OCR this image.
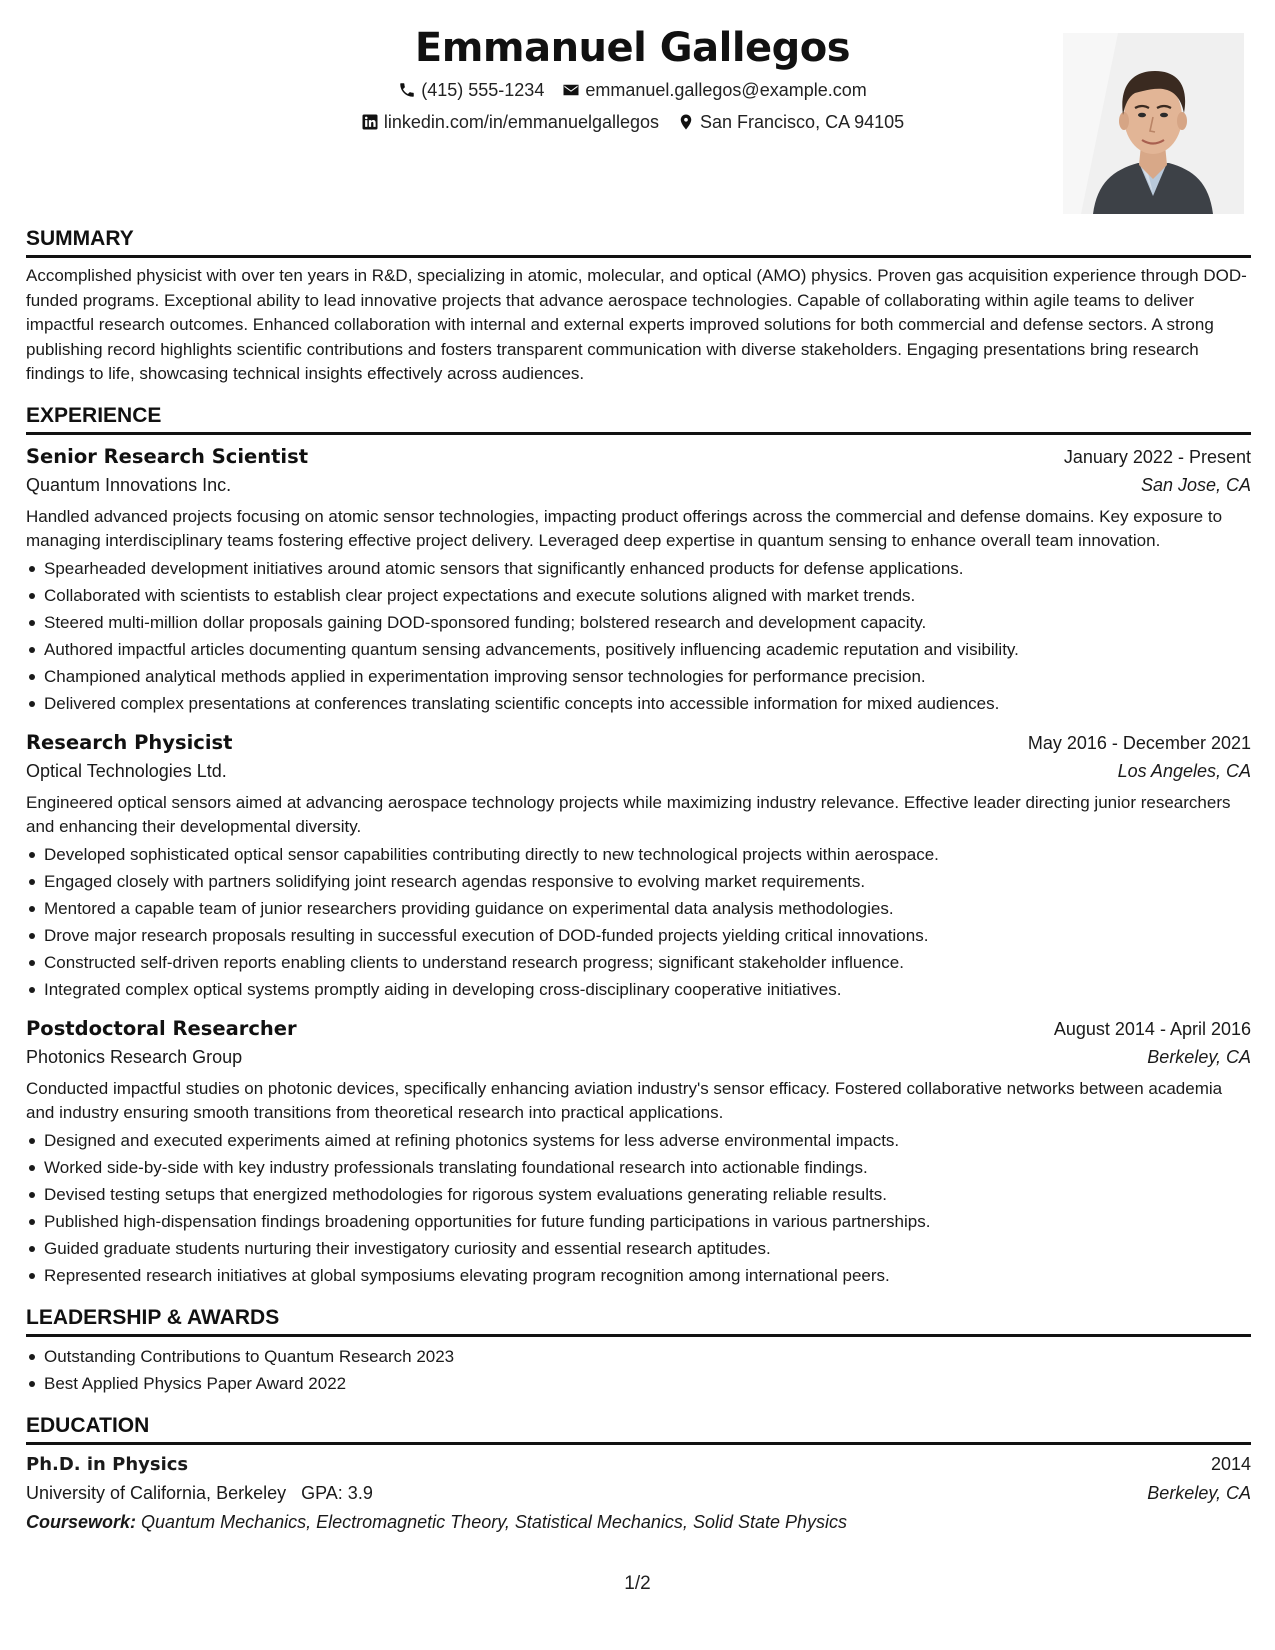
Emmanuel Gallegos
(415) 555-1234 emmanuel.gallegos@example.com
linkedin.com/in/emmanuelgallegos San Francisco, CA 94105
SUMMARY
Accomplished physicist with over ten years in R&D, specializing in atomic, molecular, and optical (AMO) physics. Proven gas acquisition experience through DOD-funded programs. Exceptional ability to lead innovative projects that advance aerospace technologies. Capable of collaborating within agile teams to deliver impactful research outcomes. Enhanced collaboration with internal and external experts improved solutions for both commercial and defense sectors. A strong publishing record highlights scientific contributions and fosters transparent communication with diverse stakeholders. Engaging presentations bring research findings to life, showcasing technical insights effectively across audiences.
EXPERIENCE
Senior Research Scientist	January 2022 - Present
Quantum Innovations Inc.	San Jose, CA
Handled advanced projects focusing on atomic sensor technologies, impacting product offerings across the commercial and defense domains. Key exposure to managing interdisciplinary teams fostering effective project delivery. Leveraged deep expertise in quantum sensing to enhance overall team innovation.
Spearheaded development initiatives around atomic sensors that significantly enhanced products for defense applications.
Collaborated with scientists to establish clear project expectations and execute solutions aligned with market trends.
Steered multi-million dollar proposals gaining DOD-sponsored funding; bolstered research and development capacity.
Authored impactful articles documenting quantum sensing advancements, positively influencing academic reputation and visibility.
Championed analytical methods applied in experimentation improving sensor technologies for performance precision.
Delivered complex presentations at conferences translating scientific concepts into accessible information for mixed audiences.
Research Physicist	May 2016 - December 2021
Optical Technologies Ltd.	Los Angeles, CA
Engineered optical sensors aimed at advancing aerospace technology projects while maximizing industry relevance. Effective leader directing junior researchers and enhancing their developmental diversity.
Developed sophisticated optical sensor capabilities contributing directly to new technological projects within aerospace.
Engaged closely with partners solidifying joint research agendas responsive to evolving market requirements.
Mentored a capable team of junior researchers providing guidance on experimental data analysis methodologies.
Drove major research proposals resulting in successful execution of DOD-funded projects yielding critical innovations.
Constructed self-driven reports enabling clients to understand research progress; significant stakeholder influence.
Integrated complex optical systems promptly aiding in developing cross-disciplinary cooperative initiatives.
Postdoctoral Researcher	August 2014 - April 2016
Photonics Research Group	Berkeley, CA
Conducted impactful studies on photonic devices, specifically enhancing aviation industry's sensor efficacy. Fostered collaborative networks between academia and industry ensuring smooth transitions from theoretical research into practical applications.
Designed and executed experiments aimed at refining photonics systems for less adverse environmental impacts.
Worked side-by-side with key industry professionals translating foundational research into actionable findings.
Devised testing setups that energized methodologies for rigorous system evaluations generating reliable results.
Published high-dispensation findings broadening opportunities for future funding participations in various partnerships.
Guided graduate students nurturing their investigatory curiosity and essential research aptitudes.
Represented research initiatives at global symposiums elevating program recognition among international peers.
LEADERSHIP & AWARDS
Outstanding Contributions to Quantum Research 2023
Best Applied Physics Paper Award 2022
EDUCATION
Ph.D. in Physics	2014
University of California, Berkeley GPA: 3.9	Berkeley, CA
Coursework: Quantum Mechanics, Electromagnetic Theory, Statistical Mechanics, Solid State Physics
1/2
